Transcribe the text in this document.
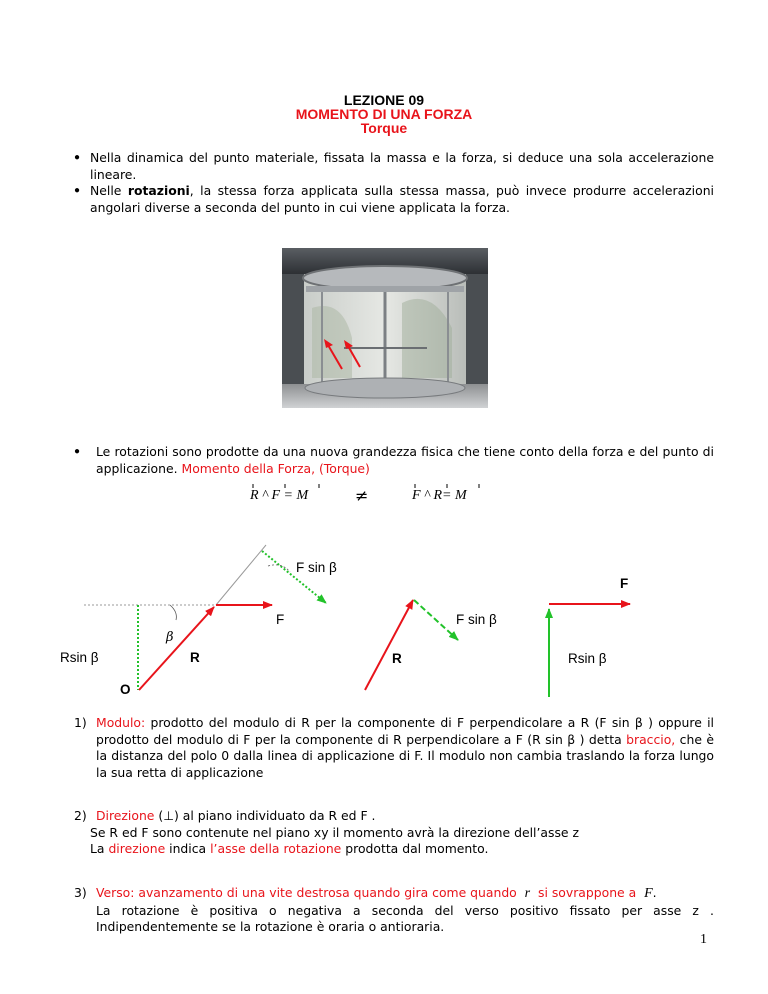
LEZIONE 09
MOMENTO DI UNA FORZA
Torque
● Nella dinamica del punto materiale, fissata la massa e la forza, si deduce una sola accelerazione lineare.
● Nelle rotazioni, la stessa forza applicata sulla stessa massa, può invece produrre accelerazioni angolari diverse a seconda del punto in cui viene applicata la forza.
● Le rotazioni sono prodotte da una nuova grandezza fisica che tiene conto della forza e del punto di applicazione. Momento della Forza, (Torque)
R ^ F = M	≠	F ^ R= M
F sin β
F
F	F sin β
β
Rsin β	R	R	Rsin β
O
1) Modulo: prodotto del modulo di R per la componente di F perpendicolare a R (F sin β ) oppure il prodotto del modulo di F per la componente di R perpendicolare a F (R sin β ) detta braccio, che è la distanza del polo 0 dalla linea di applicazione di F. Il modulo non cambia traslando la forza lungo la sua retta di applicazione
2) Direzione (⊥) al piano individuato da R ed F .
Se R ed F sono contenute nel piano xy il momento avrà la direzione dell’asse z
La direzione indica l’asse della rotazione prodotta dal momento.
3) Verso: avanzamento di una vite destrosa quando gira come quando r si sovrappone a F.
La rotazione è positiva o negativa a seconda del verso positivo fissato per asse z . Indipendentemente se la rotazione è oraria o antioraria.
1
